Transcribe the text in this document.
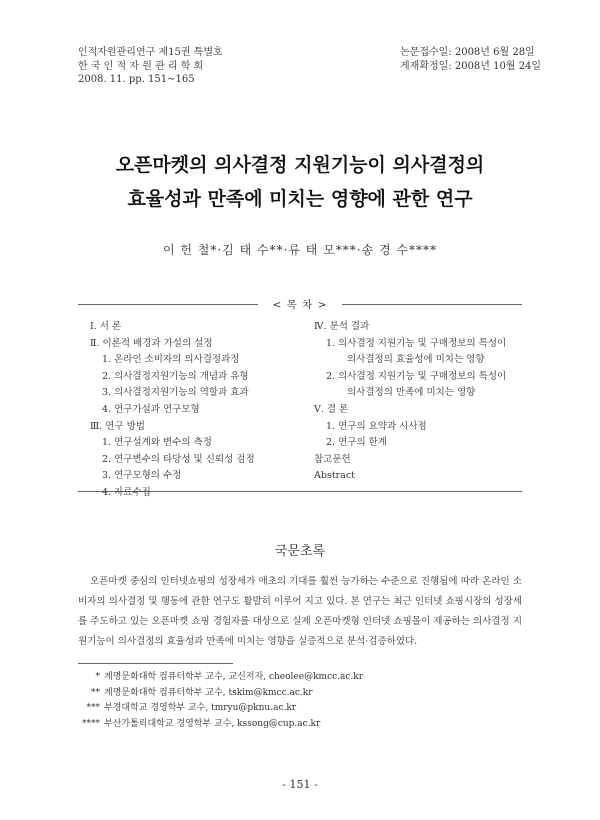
인적자원관리연구 제15권 특별호
한 국 인 적 자 원 관 리 학 회
2008. 11. pp. 151∼165
논문접수일: 2008년 6월 28일
게재확정일: 2008년 10월 24일
오픈마켓의 의사결정 지원기능이 의사결정의
효율성과 만족에 미치는 영향에 관한 연구
이 헌 철*·김 태 수**·류 태 모***·송 경 수****
< 목 차 >
Ⅰ. 서 론
Ⅱ. 이론적 배경과 가설의 설정
1. 온라인 소비자의 의사결정과정
2. 의사결정지원기능의 개념과 유형
3. 의사결정지원기능의 역할과 효과
4. 연구가설과 연구모형
Ⅲ. 연구 방법
1. 연구설계와 변수의 측정
2. 연구변수의 타당성 및 신뢰성 검정
3. 연구모형의 수정
4. 자료수집
Ⅳ. 분석 결과
1. 의사결정 지원기능 및 구매정보의 특성이
의사결정의 효율성에 미치는 영향
2. 의사결정 지원기능 및 구매정보의 특성이
의사결정의 만족에 미치는 영향
Ⅴ. 결 론
1. 연구의 요약과 시사점
2. 연구의 한계
참고문헌
Abstract
국문초록
오픈마켓 중심의 인터넷쇼핑의 성장세가 애초의 기대를 훨씬 능가하는 수준으로 진행됨에 따라 온라인 소비자의 의사결정 및 행동에 관한 연구도 활발히 이루어 지고 있다. 본 연구는 최근 인터넷 쇼핑시장의 성장세를 주도하고 있는 오픈마켓 쇼핑 경험자를 대상으로 실제 오픈마켓형 인터넷 쇼핑몰이 제공하는 의사결정 지원기능이 의사결정의 효율성과 만족에 미치는 영향을 실증적으로 분석·검증하였다.
* 계명문화대학 컴퓨터학부 교수, 교신저자, cheolee@kmcc.ac.kr
** 계명문화대학 컴퓨터학부 교수, tskim@kmcc.ac.kr
*** 부경대학교 경영학부 교수, tmryu@pknu.ac.kr
**** 부산가톨릭대학교 경영학부 교수, kssong@cup.ac.kr
- 151 -
